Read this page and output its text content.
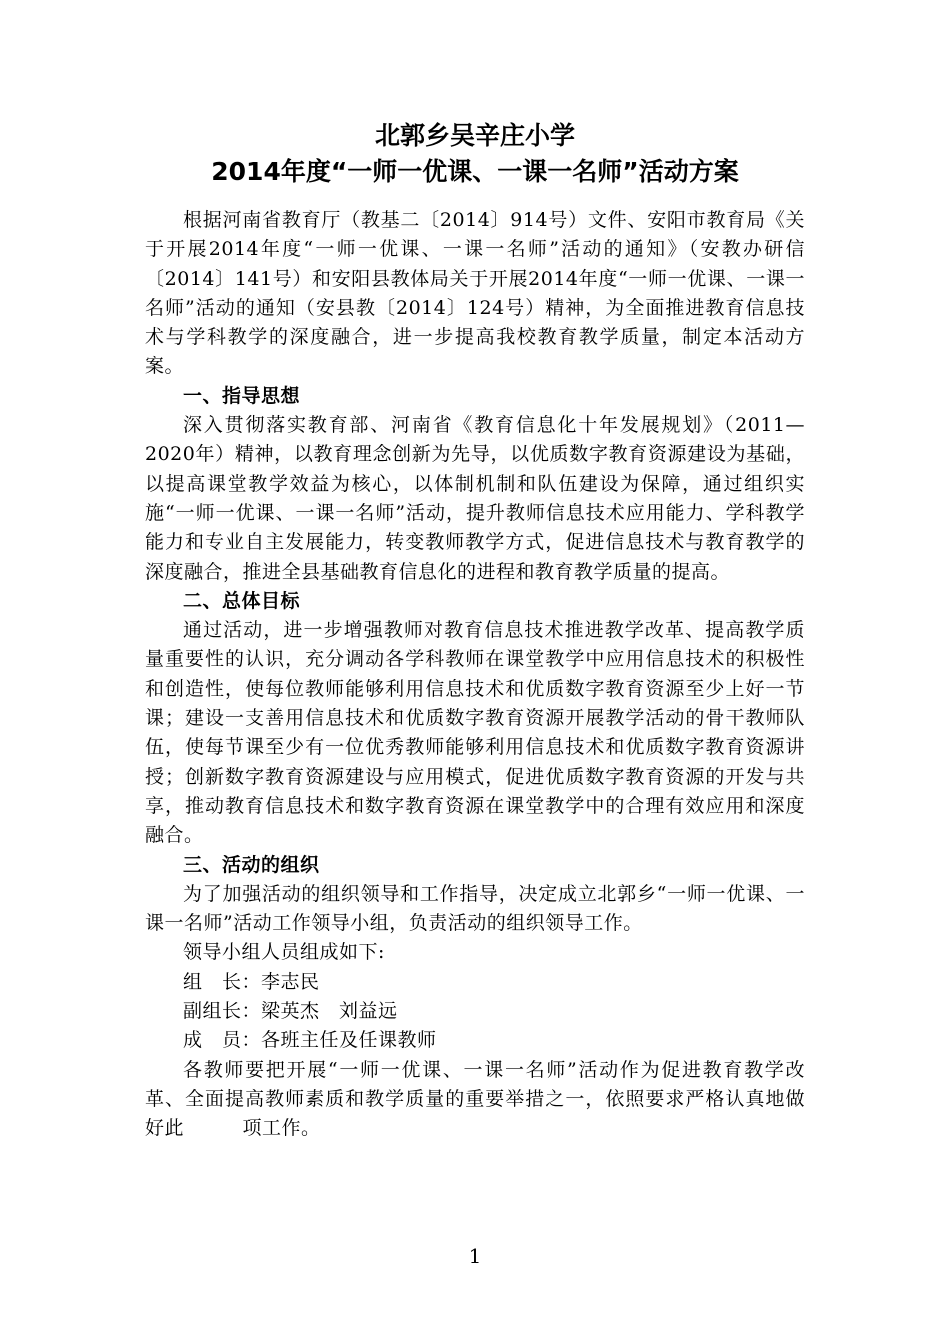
北郭乡吴辛庄小学
2014年度“一师一优课、一课一名师”活动方案

根据河南省教育厅（教基二〔2014〕914号）文件、安阳市教育局《关于开展2014年度“一师一优课、一课一名师”活动的通知》（安教办研信〔2014〕141号）和安阳县教体局关于开展2014年度“一师一优课、一课一名师”活动的通知（安县教〔2014〕124号）精神，为全面推进教育信息技术与学科教学的深度融合，进一步提高我校教育教学质量，制定本活动方案。

一、指导思想

深入贯彻落实教育部、河南省《教育信息化十年发展规划》（2011—2020年）精神，以教育理念创新为先导，以优质数字教育资源建设为基础，以提高课堂教学效益为核心，以体制机制和队伍建设为保障，通过组织实施“一师一优课、一课一名师”活动，提升教师信息技术应用能力、学科教学能力和专业自主发展能力，转变教师教学方式，促进信息技术与教育教学的深度融合，推进全县基础教育信息化的进程和教育教学质量的提高。

二、总体目标

通过活动，进一步增强教师对教育信息技术推进教学改革、提高教学质量重要性的认识，充分调动各学科教师在课堂教学中应用信息技术的积极性和创造性，使每位教师能够利用信息技术和优质数字教育资源至少上好一节课；建设一支善用信息技术和优质数字教育资源开展教学活动的骨干教师队伍，使每节课至少有一位优秀教师能够利用信息技术和优质数字教育资源讲授；创新数字教育资源建设与应用模式，促进优质数字教育资源的开发与共享，推动教育信息技术和数字教育资源在课堂教学中的合理有效应用和深度融合。

三、活动的组织

为了加强活动的组织领导和工作指导，决定成立北郭乡“一师一优课、一课一名师”活动工作领导小组，负责活动的组织领导工作。

领导小组人员组成如下:
组　长：李志民
副组长：梁英杰　刘益远
成　员：各班主任及任课教师

各教师要把开展“一师一优课、一课一名师”活动作为促进教育教学改革、全面提高教师素质和教学质量的重要举措之一，依照要求严格认真地做好此　　　项工作。

1
